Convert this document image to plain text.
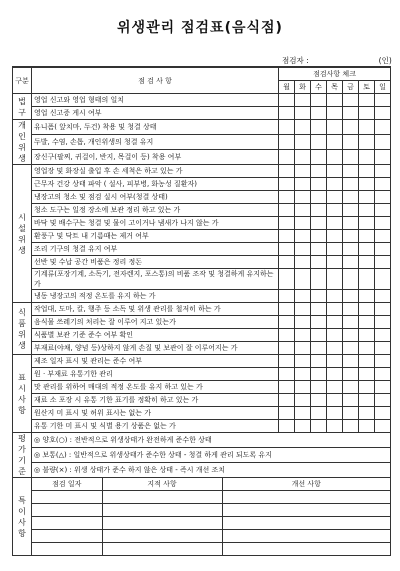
위생관리 점검표(음식점)
점검자 :	(인)
구분	점 검 사 항	점검사항 체크
월	화	수	목	금	토	일

법구
	영업 신고와 영업 형태의 일치							
영업 신고증 게시 여부							

개인위생
	유니폼( 앞치마, 두건) 착용 및 청결 상태							
두발, 수염, 손톱, 개인위생의 청결 유지							
장신구(팔찌, 귀걸이, 반지, 목걸이 등) 착용 여부							

시설위생
	영업장 및 화장실 출입 후 손 세척은 하고 있는 가							
근무자 건강 상태 파악 ( 설사, 피부병, 화농성 질환자)							
냉장고의 청소 및 점검 실시 여부(청결 상태)							
청소 도구는 일정 장소에 보관 정리 하고 있는 가							
바닥 및 배수구는 청결 및 물이 고이거나 냄새가 나지 않는 가							
환풍구 및 닥트 내 기름때는 제거 여부							
조리 기구의 청결 유지 여부							
선반 및 수납 공간 비품은 정리 정돈							
기계류(포장기계, 소독기, 전자렌지, 포스통)의 비품 조작 및 청결하게 유지하는 가							
냉동 냉장고의 적정 온도를 유지 하는 가							

식품위생
	작업대, 도마, 칼, 행주 등 소독 및 위생 관리를 철저히 하는 가							
음식물 쓰레기의 처리는 잘 이루어 지고 있는가							
식품별 보관 기준 준수 여부 확인							
부재료(야채, 양념 등)상하지 않게 손질 및 보관이 잘 이루어지는 가							

표시사항
	제조 일자 표시 및 관리는 준수 여부							
원 · 부재료 유통기한 관리							
맛 관리를 위하여 매대의 적정 온도를 유지 하고 있는 가							
재료 소 포장 시 유통 기한 표기를 정확히 하고 있는 가							
원산지 미 표시 및 허위 표시는 없는 가							
유통 기한 미 표시 및 식별 용기 상품은 없는 가							

평가기준
	◎ 양호(○) : 전반적으로 위생상태가 완전하게 준수한 상태
◎ 보통(△) : 일반적으로 위생상태가 준수한 상태 - 청결 하게 관리 되도록 유지
◎ 불량(×) : 위생 상태가 준수 하지 않은 상태 - 즉시 개선 조치

특이사항

점검 일자	지적 사항	개선 사항
